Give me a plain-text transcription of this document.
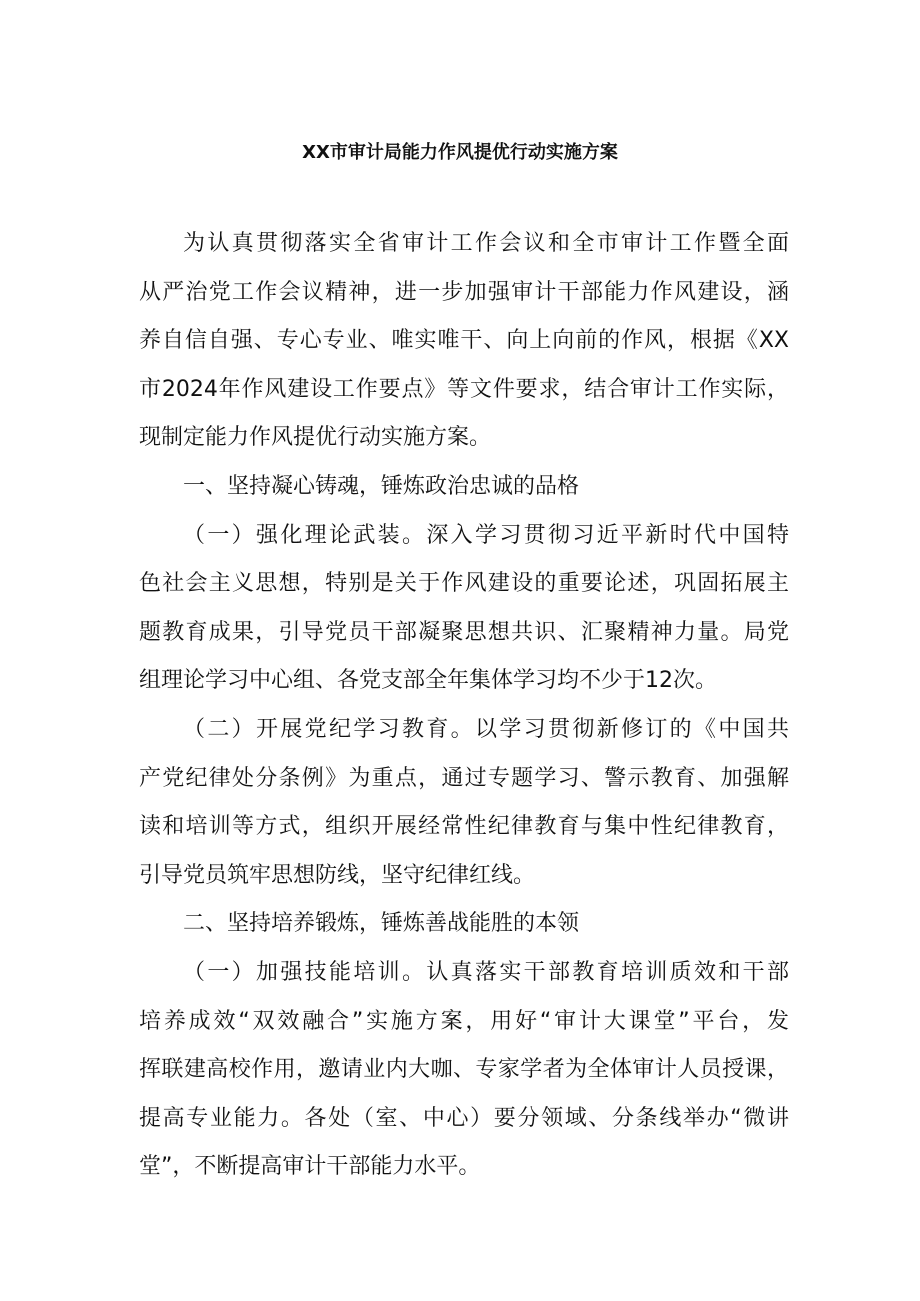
XX市审计局能力作风提优行动实施方案
为认真贯彻落实全省审计工作会议和全市审计工作暨全面
从严治党工作会议精神，进一步加强审计干部能力作风建设，涵
养自信自强、专心专业、唯实唯干、向上向前的作风，根据《XX
市2024年作风建设工作要点》等文件要求，结合审计工作实际，
现制定能力作风提优行动实施方案。
一、坚持凝心铸魂，锤炼政治忠诚的品格
（一）强化理论武装。深入学习贯彻习近平新时代中国特
色社会主义思想，特别是关于作风建设的重要论述，巩固拓展主
题教育成果，引导党员干部凝聚思想共识、汇聚精神力量。局党
组理论学习中心组、各党支部全年集体学习均不少于12次。
（二）开展党纪学习教育。以学习贯彻新修订的《中国共
产党纪律处分条例》为重点，通过专题学习、警示教育、加强解
读和培训等方式，组织开展经常性纪律教育与集中性纪律教育，
引导党员筑牢思想防线，坚守纪律红线。
二、坚持培养锻炼，锤炼善战能胜的本领
（一）加强技能培训。认真落实干部教育培训质效和干部
培养成效“双效融合”实施方案，用好“审计大课堂”平台，发
挥联建高校作用，邀请业内大咖、专家学者为全体审计人员授课，
提高专业能力。各处（室、中心）要分领域、分条线举办“微讲
堂”，不断提高审计干部能力水平。
